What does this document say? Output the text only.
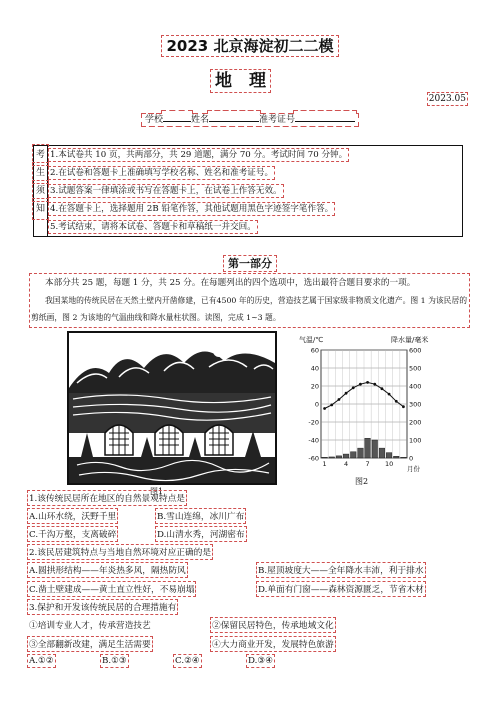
2023 北京海淀初二二模
地　理
2023.05
学校	姓名	准考证号
考
生
须
知
1.本试卷共 10 页，共两部分，共 29 道题，满分 70 分。考试时间 70 分钟。
2.在试卷和答题卡上准确填写学校名称、姓名和准考证号。
3.试题答案一律填涂或书写在答题卡上，在试卷上作答无效。
4.在答题卡上，选择题用 2B 铅笔作答，其他试题用黑色字迹签字笔作答。
5.考试结束，请将本试卷、答题卡和草稿纸一并交回。
第一部分
本部分共 25 题，每题 1 分，共 25 分。在每题列出的四个选项中，选出最符合题目要求的一项。
我国某地的传统民居在天然土壁内开凿修建，已有4500 年的历史，营造技艺属于国家级非物质文化遗产。图 1 为该民居的剪纸画，图 2 为该地的气温曲线和降水量柱状图。读图，完成 1~3 题。
图1
气温/℃	降水量/毫米
月份
60
40
20
0
-20
-40
-60
600
500
400
300
200
100
0
1	4	7 10
图2
1.该传统民居所在地区的自然景观特点是
A.山环水绕，沃野千里	B.雪山连绵，冰川广布
C.千沟万壑，支离破碎	D.山清水秀，河湖密布
2.该民居建筑特点与当地自然环境对应正确的是
A.圆拱形结构——年炎热多风，隔热防风	B.屋顶坡度大——全年降水丰沛，利于排水
C.凿土壁建成——黄土直立性好，不易崩塌	D.单面有门窗——森林资源匮乏，节省木材
3.保护和开发该传统民居的合理措施有
①培训专业人才，传承营造技艺	②保留民居特色，传承地域文化
③全部翻新改建，满足生活需要	④大力商业开发，发展特色旅游
A.①②	B.①③	C.②④	D.③④
